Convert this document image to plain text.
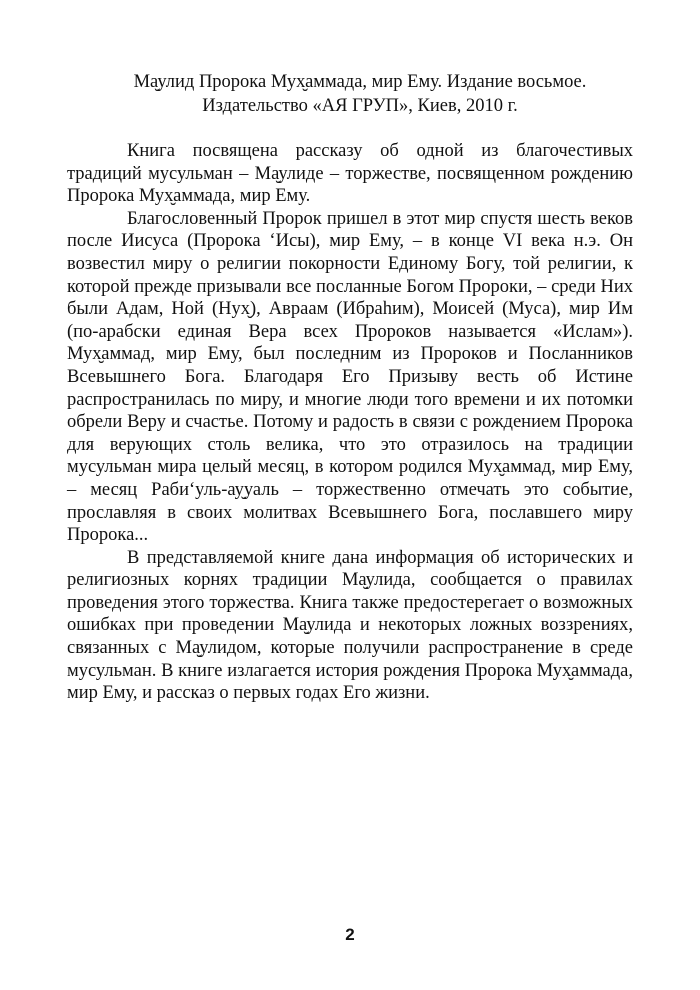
Ма̮улид Пророка Мух̮аммада, мир Ему. Издание восьмое.
Издательство «АЯ ГРУП», Киев, 2010 г.

Книга посвящена рассказу об одной из благочестивых традиций мусульман – Ма̮улиде – торжестве, посвященном рождению Пророка Мух̮аммада, мир Ему.

Благословенный Пророк пришел в этот мир спустя шесть веков после Иисуса (Пророка ‘Исы), мир Ему, – в конце VI века н.э. Он возвестил миру о религии покорности Единому Богу, той религии, к которой прежде призывали все посланные Богом Пророки, – среди Них были Адам, Ной (Нух̮), Авраам (Ибраhим), Моисей (Муса), мир Им (по-арабски единая Вера всех Пророков называется «Ислам»). Мух̮аммад, мир Ему, был последним из Пророков и Посланников Всевышнего Бога. Благодаря Его Призыву весть об Истине распространилась по миру, и многие люди того времени и их потомки обрели Веру и счастье. Потому и радость в связи с рождением Пророка для верующих столь велика, что это отразилось на традиции мусульман мира целый месяц, в котором родился Мух̮аммад, мир Ему, – месяц Раби‘уль-ау̮уаль – торжественно отмечать это событие, прославляя в своих молитвах Всевышнего Бога, пославшего миру Пророка...

В представляемой книге дана информация об исторических и религиозных корнях традиции Ма̮улида, сообщается о правилах проведения этого торжества. Книга также предостерегает о возможных ошибках при проведении Ма̮улида и некоторых ложных воззрениях, связанных с Ма̮улидом, которые получили распространение в среде мусульман. В книге излагается история рождения Пророка Мух̮аммада, мир Ему, и рассказ о первых годах Его жизни.

2
